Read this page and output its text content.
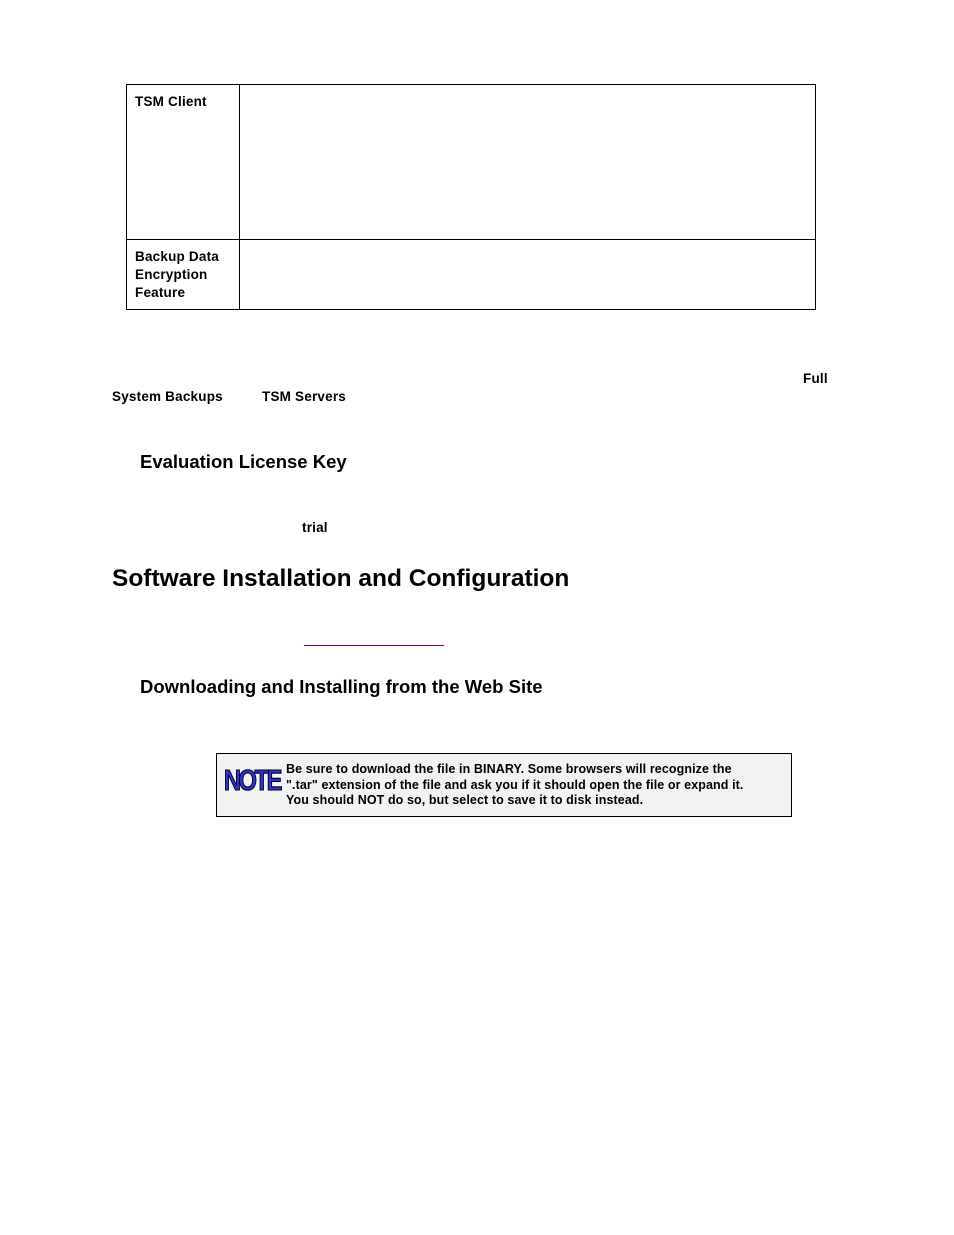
TSM Client	

Backup Data
Encryption
Feature	

Full
System Backups	TSM Servers
Evaluation License Key
trial
Software Installation and Configuration
Downloading and Installing from the Web Site
NOTE Be sure to download the file in BINARY. Some browsers will recognize the
".tar" extension of the file and ask you if it should open the file or expand it.
You should NOT do so, but select to save it to disk instead.
